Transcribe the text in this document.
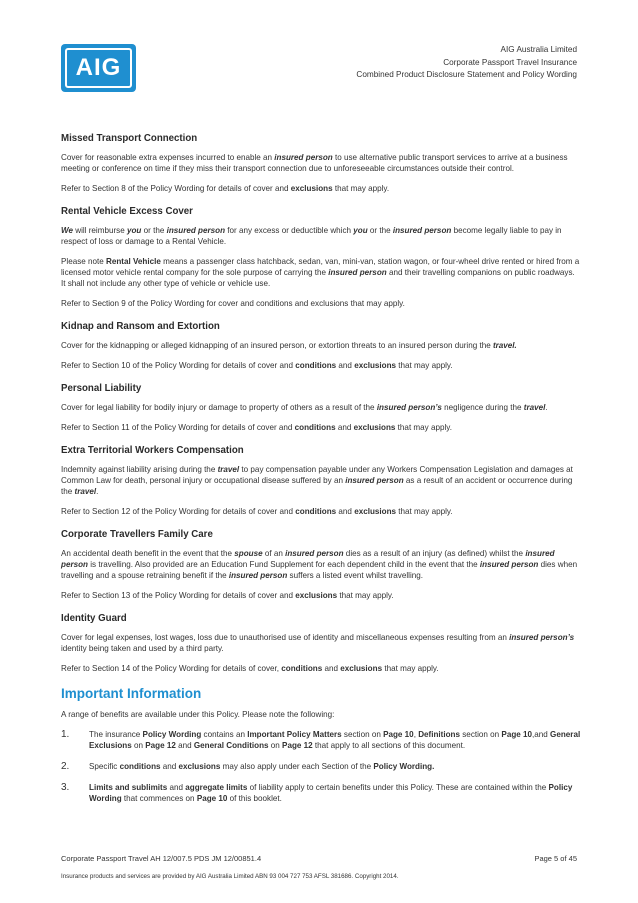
AIG
AIG Australia Limited
Corporate Passport Travel Insurance
Combined Product Disclosure Statement and Policy Wording
Missed Transport Connection

Cover for reasonable extra expenses incurred to enable an insured person to use alternative public transport services to arrive at a business meeting or conference on time if they miss their transport connection due to unforeseeable circumstances outside their control.

Refer to Section 8 of the Policy Wording for details of cover and exclusions that may apply.

Rental Vehicle Excess Cover

We will reimburse you or the insured person for any excess or deductible which you or the insured person become legally liable to pay in respect of loss or damage to a Rental Vehicle.

Please note Rental Vehicle means a passenger class hatchback, sedan, van, mini-van, station wagon, or four-wheel drive rented or hired from a licensed motor vehicle rental company for the sole purpose of carrying the insured person and their travelling companions on public roadways. It shall not include any other type of vehicle or vehicle use.

Refer to Section 9 of the Policy Wording for cover and conditions and exclusions that may apply.

Kidnap and Ransom and Extortion

Cover for the kidnapping or alleged kidnapping of an insured person, or extortion threats to an insured person during the travel.

Refer to Section 10 of the Policy Wording for details of cover and conditions and exclusions that may apply.

Personal Liability

Cover for legal liability for bodily injury or damage to property of others as a result of the insured person’s negligence during the travel.

Refer to Section 11 of the Policy Wording for details of cover and conditions and exclusions that may apply.

Extra Territorial Workers Compensation

Indemnity against liability arising during the travel to pay compensation payable under any Workers Compensation Legislation and damages at Common Law for death, personal injury or occupational disease suffered by an insured person as a result of an accident or occurrence during the travel.

Refer to Section 12 of the Policy Wording for details of cover and conditions and exclusions that may apply.

Corporate Travellers Family Care

An accidental death benefit in the event that the spouse of an insured person dies as a result of an injury (as defined) whilst the insured person is travelling. Also provided are an Education Fund Supplement for each dependent child in the event that the insured person dies when travelling and a spouse retraining benefit if the insured person suffers a listed event whilst travelling.

Refer to Section 13 of the Policy Wording for details of cover and exclusions that may apply.

Identity Guard

Cover for legal expenses, lost wages, loss due to unauthorised use of identity and miscellaneous expenses resulting from an insured person’s identity being taken and used by a third party.

Refer to Section 14 of the Policy Wording for details of cover, conditions and exclusions that may apply.

Important Information

A range of benefits are available under this Policy. Please note the following:

1.	The insurance Policy Wording contains an Important Policy Matters section on Page 10, Definitions section on Page 10,and General Exclusions on Page 12 and General Conditions on Page 12 that apply to all sections of this document.
2.	Specific conditions and exclusions may also apply under each Section of the Policy Wording.
3.	Limits and sublimits and aggregate limits of liability apply to certain benefits under this Policy. These are contained within the Policy Wording that commences on Page 10 of this booklet.
Corporate Passport Travel AH 12/007.5 PDS JM 12/00851.4	Page 5 of 45
Insurance products and services are provided by AIG Australia Limited ABN 93 004 727 753 AFSL 381686. Copyright 2014.
